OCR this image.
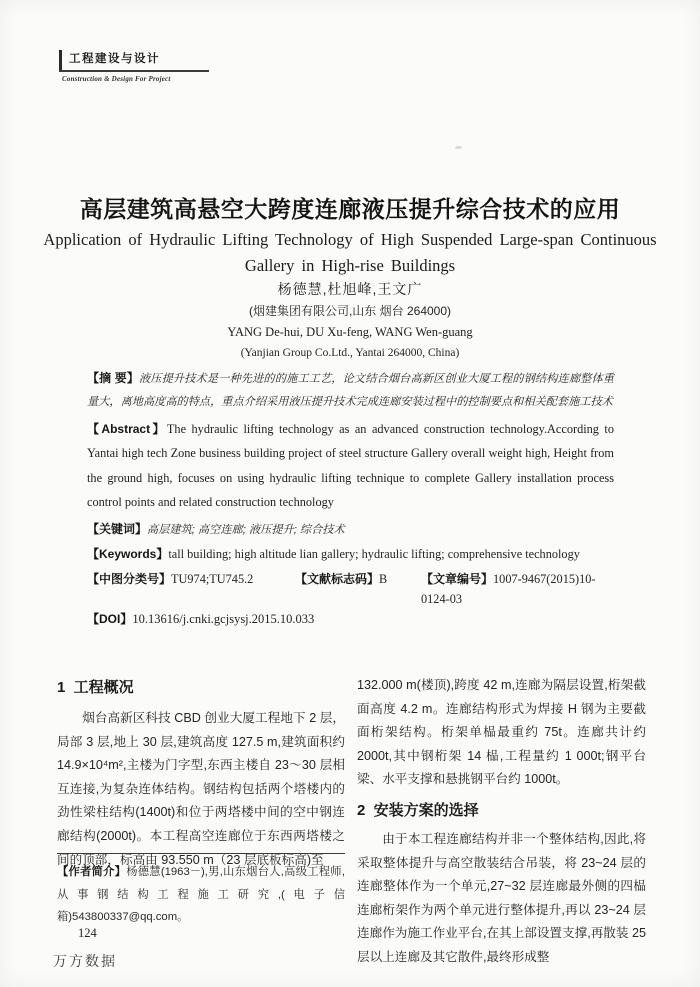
工程建设与设计
Construction & Design For Project
高层建筑高悬空大跨度连廊液压提升综合技术的应用
Application of Hydraulic Lifting Technology of High Suspended Large-span Continuous
Gallery in High-rise Buildings
杨德慧,杜旭峰,王文广
(烟建集团有限公司,山东 烟台 264000)
YANG De-hui, DU Xu-feng, WANG Wen-guang
(Yanjian Group Co.Ltd., Yantai 264000, China)
【摘 要】液压提升技术是一种先进的的施工工艺，论文结合烟台高新区创业大厦工程的钢结构连廊整体重量大，离地高度高的特点，重点介绍采用液压提升技术完成连廊安装过程中的控制要点和相关配套施工技术
【Abstract】The hydraulic lifting technology as an advanced construction technology.According to Yantai high tech Zone business building project of steel structure Gallery overall weight high, Height from the ground high, focuses on using hydraulic lifting technique to complete Gallery installation process control points and related construction technology
【关键词】高层建筑; 高空连廊; 液压提升; 综合技术
【Keywords】tall building; high altitude lian gallery; hydraulic lifting; comprehensive technology
【中图分类号】TU974;TU745.2	【文献标志码】B	【文章编号】1007-9467(2015)10-0124-03
【DOI】10.13616/j.cnki.gcjsysj.2015.10.033
1  工程概况

烟台高新区科技 CBD 创业大厦工程地下 2 层，局部 3 层,地上 30 层,建筑高度 127.5 m,建筑面积约 14.9×10⁴m²,主楼为门字型,东西主楼自 23～30 层相互连接,为复杂连体结构。钢结构包括两个塔楼内的劲性梁柱结构(1400t)和位于两塔楼中间的空中钢连廊结构(2000t)。本工程高空连廊位于东西两塔楼之间的顶部，标高由 93.550 m（23 层底板标高)至

132.000 m(楼顶),跨度 42 m,连廊为隔层设置,桁架截面高度 4.2 m。连廊结构形式为焊接 H 钢为主要截面桁架结构。桁架单榀最重约 75t。连廊共计约 2000t,其中钢桁架 14 榀,工程量约 1 000t;钢平台梁、水平支撑和悬挑钢平台约 1000t。

2  安装方案的选择

由于本工程连廊结构并非一个整体结构,因此,将采取整体提升与高空散装结合吊装，将 23~24 层的连廊整体作为一个单元,27~32 层连廊最外侧的四榀连廊桁架作为两个单元进行整体提升,再以 23~24 层连廊作为施工作业平台,在其上部设置支撑,再散装 25 层以上连廊及其它散件,最终形成整

【作者简介】杨德慧(1963－),男,山东烟台人,高级工程师,从事钢结构工程施工研究,(电子信箱)543800337@qq.com。
124
万方数据
